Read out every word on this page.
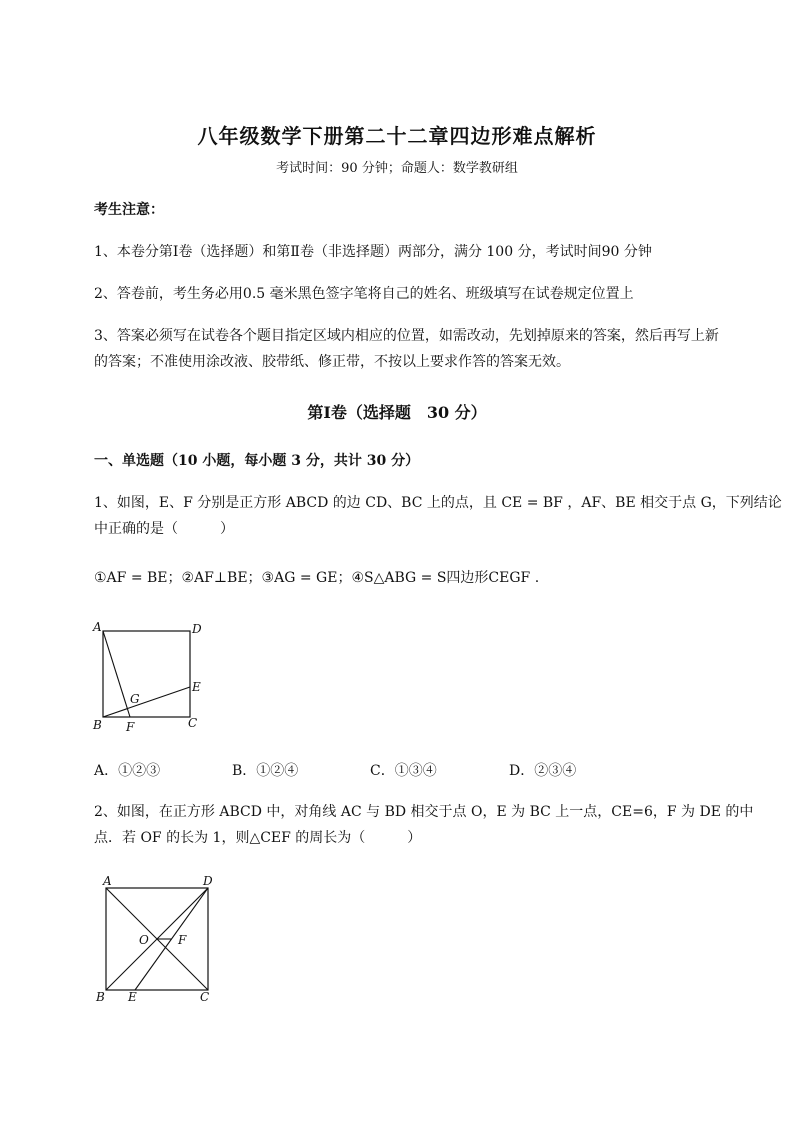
八年级数学下册第二十二章四边形难点解析
考试时间：90 分钟；命题人：数学教研组
考生注意：
1、本卷分第Ⅰ卷（选择题）和第Ⅱ卷（非选择题）两部分，满分 100 分，考试时间90 分钟
2、答卷前，考生务必用0.5 毫米黑色签字笔将自己的姓名、班级填写在试卷规定位置上
3、答案必须写在试卷各个题目指定区域内相应的位置，如需改动，先划掉原来的答案，然后再写上新
的答案；不准使用涂改液、胶带纸、修正带，不按以上要求作答的答案无效。
第Ⅰ卷（选择题　30 分）
一、单选题（10 小题，每小题 3 分，共计 30 分）
1、如图，E、F 分别是正方形 ABCD 的边 CD、BC 上的点，且 CE = BF ，AF、BE 相交于点 G，下列结论
中正确的是（　　　）
①AF = BE；②AF⊥BE；③AG = GE；④S△ABG = S四边形CEGF .
A	D
E
G
B F	C
A．①②③	B．①②④	C．①③④	D．②③④
2、如图，在正方形 ABCD 中，对角线 AC 与 BD 相交于点 O，E 为 BC 上一点，CE=6，F 为 DE 的中
点．若 OF 的长为 1，则△CEF 的周长为（　　　）
A	D
O F
B E	C
